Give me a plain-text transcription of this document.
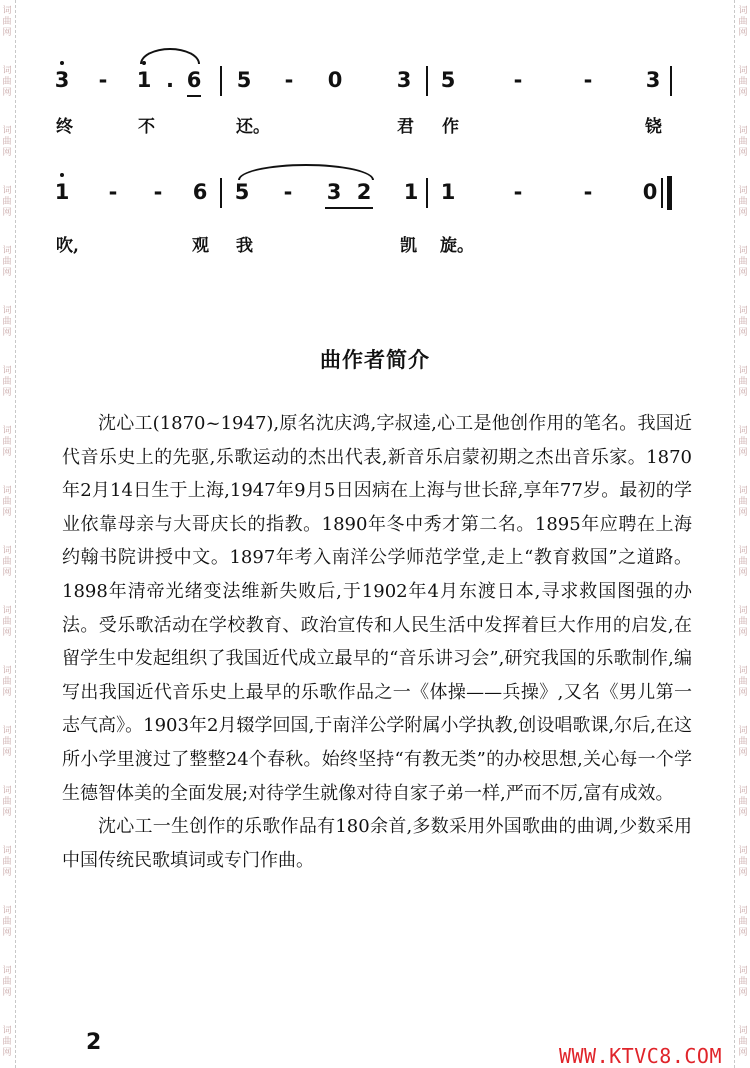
词
曲
网
词
曲
网
词
曲
网
词
曲
网
词
曲
网
词
曲
网
词
曲
网
词
曲
网
词
曲
网
词
曲
网
词
曲
网
词
曲
网
词
曲
网
词
曲
网
词
曲
网
词
曲
网
词
曲
网
词
曲
网
词
曲
网
词
曲
网
词
曲
网
词
曲
网
词
曲
网
词
曲
网
词
曲
网
词
曲
网
词
曲
网
词
曲
网
词
曲
网
词
曲
网
词
曲
网
词
曲
网
词
曲
网
词
曲
网
词
曲
网
词
曲
网
3 - 1 . 6 5 - 0	3 5	-	-	3
终	不	还。	君 作	铙
1 - - 6 5 - 3 2 1 1	-	- 0
吹,	观 我	凯 旋。
曲作者简介

沈心工(1870~1947),原名沈庆鸿,字叔逵,心工是他创作用的笔名。我国近代音乐史上的先驱,乐歌运动的杰出代表,新音乐启蒙初期之杰出音乐家。1870年2月14日生于上海,1947年9月5日因病在上海与世长辞,享年77岁。最初的学业依靠母亲与大哥庆长的指教。1890年冬中秀才第二名。1895年应聘在上海约翰书院讲授中文。1897年考入南洋公学师范学堂,走上“教育救国”之道路。1898年清帝光绪变法维新失败后,于1902年4月东渡日本,寻求救国图强的办法。受乐歌活动在学校教育、政治宣传和人民生活中发挥着巨大作用的启发,在留学生中发起组织了我国近代成立最早的“音乐讲习会”,研究我国的乐歌制作,编写出我国近代音乐史上最早的乐歌作品之一《体操——兵操》,又名《男儿第一志气高》。1903年2月辍学回国,于南洋公学附属小学执教,创设唱歌课,尔后,在这所小学里渡过了整整24个春秋。始终坚持“有教无类”的办校思想,关心每一个学生德智体美的全面发展;对待学生就像对待自家子弟一样,严而不厉,富有成效。

沈心工一生创作的乐歌作品有180余首,多数采用外国歌曲的曲调,少数采用中国传统民歌填词或专门作曲。

2
WWW.KTVC8.COM
